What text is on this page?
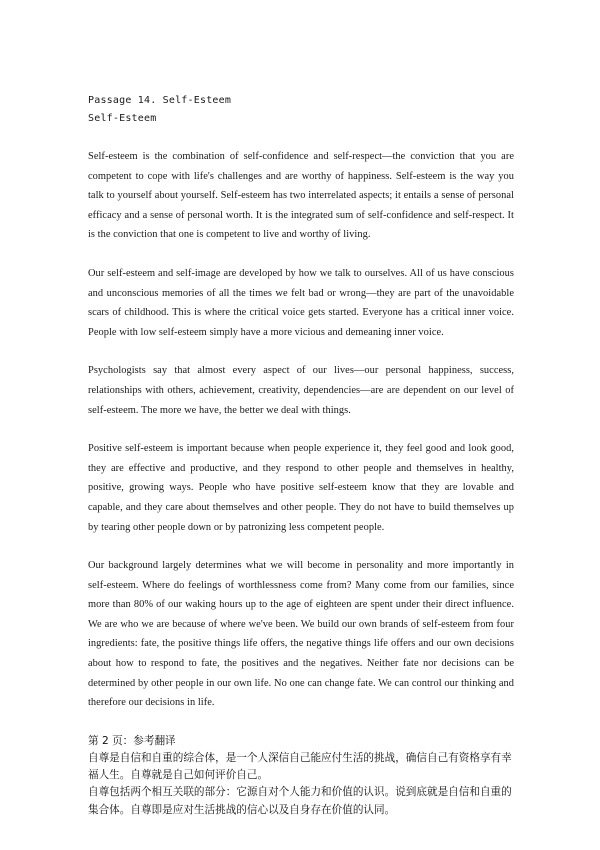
Passage 14. Self-Esteem
Self-Esteem

Self-esteem is the combination of self-confidence and self-respect—the conviction that you are competent to cope with life's challenges and are worthy of happiness. Self-esteem is the way you talk to yourself about yourself. Self-esteem has two interrelated aspects; it entails a sense of personal efficacy and a sense of personal worth. It is the integrated sum of self-confidence and self-respect. It is the conviction that one is competent to live and worthy of living.

Our self-esteem and self-image are developed by how we talk to ourselves. All of us have conscious and unconscious memories of all the times we felt bad or wrong—they are part of the unavoidable scars of childhood. This is where the critical voice gets started. Everyone has a critical inner voice. People with low self-esteem simply have a more vicious and demeaning inner voice.

Psychologists say that almost every aspect of our lives—our personal happiness, success, relationships with others, achievement, creativity, dependencies—are are dependent on our level of self-esteem. The more we have, the better we deal with things.

Positive self-esteem is important because when people experience it, they feel good and look good, they are effective and productive, and they respond to other people and themselves in healthy, positive, growing ways. People who have positive self-esteem know that they are lovable and capable, and they care about themselves and other people. They do not have to build themselves up by tearing other people down or by patronizing less competent people.

Our background largely determines what we will become in personality and more importantly in self-esteem. Where do feelings of worthlessness come from? Many come from our families, since more than 80% of our waking hours up to the age of eighteen are spent under their direct influence. We are who we are because of where we've been. We build our own brands of self-esteem from four ingredients: fate, the positive things life offers, the negative things life offers and our own decisions about how to respond to fate, the positives and the negatives. Neither fate nor decisions can be determined by other people in our own life. No one can change fate. We can control our thinking and therefore our decisions in life.

第 2 页：参考翻译
自尊是自信和自重的综合体，是一个人深信自己能应付生活的挑战，确信自己有资格享有幸
福人生。自尊就是自己如何评价自己。
自尊包括两个相互关联的部分：它源自对个人能力和价值的认识。说到底就是自信和自重的
集合体。自尊即是应对生活挑战的信心以及自身存在价值的认同。
